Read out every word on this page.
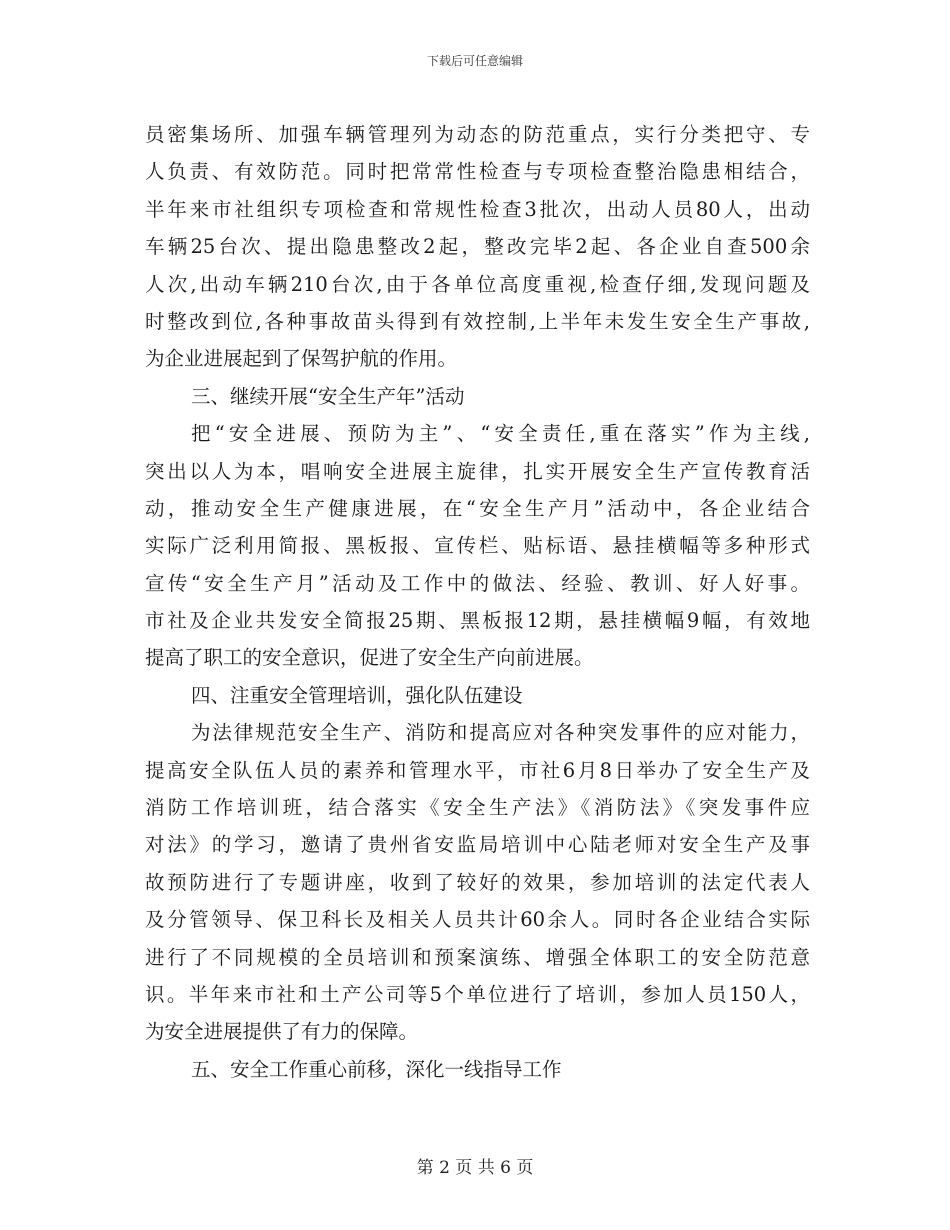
下载后可任意编辑
员密集场所、加强车辆管理列为动态的防范重点，实行分类把守、专
人负责、有效防范。同时把常常性检查与专项检查整治隐患相结合，
半年来市社组织专项检查和常规性检查3批次，出动人员80人，出动
车辆25台次、提出隐患整改2起，整改完毕2起、各企业自查500余
人次,出动车辆210台次,由于各单位高度重视,检查仔细,发现问题及
时整改到位,各种事故苗头得到有效控制,上半年未发生安全生产事故,
为企业进展起到了保驾护航的作用。
三、继续开展“安全生产年”活动
把“安全进展、预防为主”、“安全责任,重在落实”作为主线,
突出以人为本，唱响安全进展主旋律，扎实开展安全生产宣传教育活
动，推动安全生产健康进展，在“安全生产月”活动中，各企业结合
实际广泛利用简报、黑板报、宣传栏、贴标语、悬挂横幅等多种形式
宣传“安全生产月”活动及工作中的做法、经验、教训、好人好事。
市社及企业共发安全简报25期、黑板报12期，悬挂横幅9幅，有效地
提高了职工的安全意识，促进了安全生产向前进展。
四、注重安全管理培训，强化队伍建设
为法律规范安全生产、消防和提高应对各种突发事件的应对能力，
提高安全队伍人员的素养和管理水平，市社6月8日举办了安全生产及
消防工作培训班，结合落实《安全生产法》《消防法》《突发事件应
对法》的学习，邀请了贵州省安监局培训中心陆老师对安全生产及事
故预防进行了专题讲座，收到了较好的效果，参加培训的法定代表人
及分管领导、保卫科长及相关人员共计60余人。同时各企业结合实际
进行了不同规模的全员培训和预案演练、增强全体职工的安全防范意
识。半年来市社和土产公司等5个单位进行了培训，参加人员150人，
为安全进展提供了有力的保障。
五、安全工作重心前移，深化一线指导工作
第 2 页 共 6 页
